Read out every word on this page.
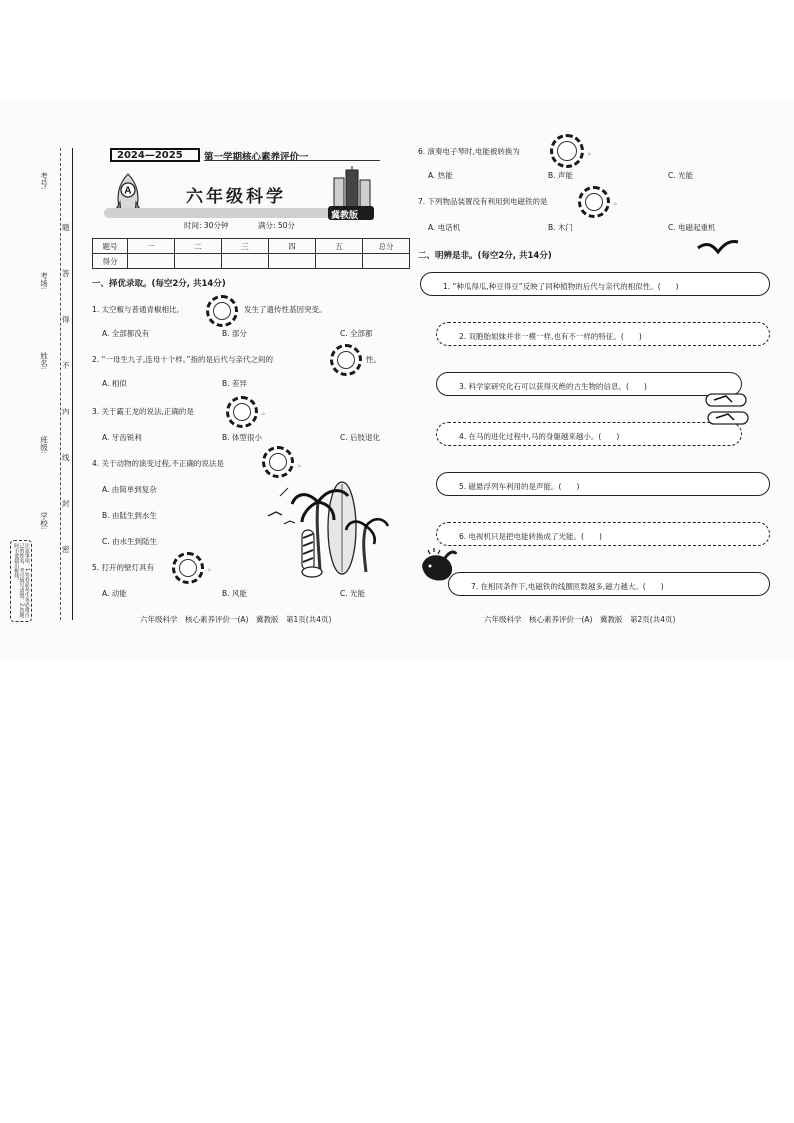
考号:
考场:
姓名:
班级:
学校:
题
答
得
不
内
线
封
密
注意事项：1.答卷前考生务必将自己的姓名、考号填写清楚。2.答题时不要超出框线。
2024—2025 第一学期核心素养评价一
A	六年级科学
冀教版
时间: 30分钟	满分: 50分
题号	一	二	三	四	五	总分
得分						
一、择优录取。(每空2分, 共14分)
1. 太空椒与普通青椒相比,	发生了遗传性基因突变。
A. 全部都没有	B. 部分	C. 全部都
2. “一母生九子,连母十个样。”指的是后代与亲代之间的	性。
A. 相似	B. 差异
3. 关于霸王龙的说法,正确的是	。
A. 牙齿锐利	B. 体型很小	C. 后肢退化
4. 关于动物的演变过程,不正确的说法是	。
A. 由简单到复杂
B. 由陆生到水生
C. 由水生到陆生
5. 打开的壁灯具有	。
A. 动能	B. 风能	C. 光能
六年级科学　核心素养评价一(A)　冀教版　第1页(共4页)
6. 演奏电子琴时,电能被转换为	。
A. 热能	B. 声能	C. 光能
7. 下列物品装置没有利用到电磁铁的是	。
A. 电话机	B. 木门	C. 电磁起重机
二、明辨是非。(每空2分, 共14分)
1. “种瓜得瓜,种豆得豆”反映了同种植物的后代与亲代的相似性。(　　)
2. 双胞胎姐妹并非一模一样,也有不一样的特征。(　　)
3. 科学家研究化石可以获得灭绝的古生物的信息。(　　)
4. 在马的进化过程中,马的身躯越来越小。(　　)
5. 磁悬浮列车利用的是声能。(　　)
6. 电视机只是把电能转换成了光能。(　　)
7. 在相同条件下,电磁铁的线圈匝数越多,磁力越大。(　　)
六年级科学　核心素养评价一(A)　冀教版　第2页(共4页)
